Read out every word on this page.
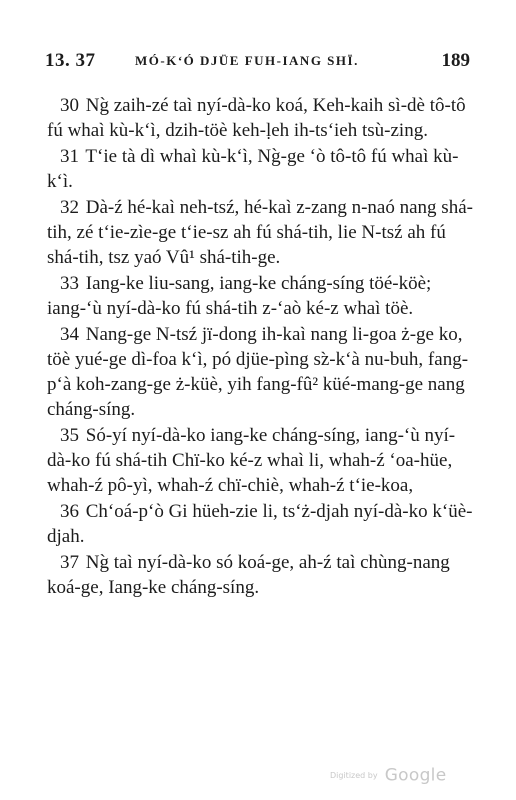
13. 37	MÓ-K‘Ó DJÜE FUH-IANG SHÏ.	189

30 Ng̀ zaih-zé taì nyí-dà-ko koá, Keh-kaih sì-dè tô-tô fú whaì kù-k‘ì, dzih-töè keh-ḷeh ih-ts‘ieh tsù-zing.

31 T‘ie tà dì whaì kù-k‘ì, Ng̀-ge ‘ò tô-tô fú whaì kù-k‘ì.

32 Dà-ź hé-kaì neh-tsź, hé-kaì z-zang n-naó nang shá-tih, zé t‘ie-zìe-ge t‘ie-sz ah fú shá-tih, lie N-tsź ah fú shá-tih, tsz yaó Vû¹ shá-tih-ge.

33 Iang-ke liu-sang, iang-ke cháng-síng töé-köè; iang-‘ù nyí-dà-ko fú shá-tih z-‘aò ké-z whaì töè.

34 Nang-ge N-tsź jï-dong ih-kaì nang li-goa ż-ge ko, töè yué-ge dì-foa k‘ì, pó djüe-pìng sz̀-k‘à nu-buh, fang-p‘à koh-zang-ge ż-küè, yih fang-fû² küé-mang-ge nang cháng-síng.

35 Só-yí nyí-dà-ko iang-ke cháng-síng, iang-‘ù nyí-dà-ko fú shá-tih Chï-ko ké-z whaì li, whah-ź ‘oa-hüe, whah-ź pô-yì, whah-ź chï-chiè, whah-ź t‘ie-koa,

36 Ch‘oá-p‘ò Gi hüeh-zie li, ts‘ż-djah nyí-dà-ko k‘üè-djah.

37 Ng̀ taì nyí-dà-ko só koá-ge, ah-ź taì chùng-nang koá-ge, Iang-ke cháng-síng.

Digitized by Google
